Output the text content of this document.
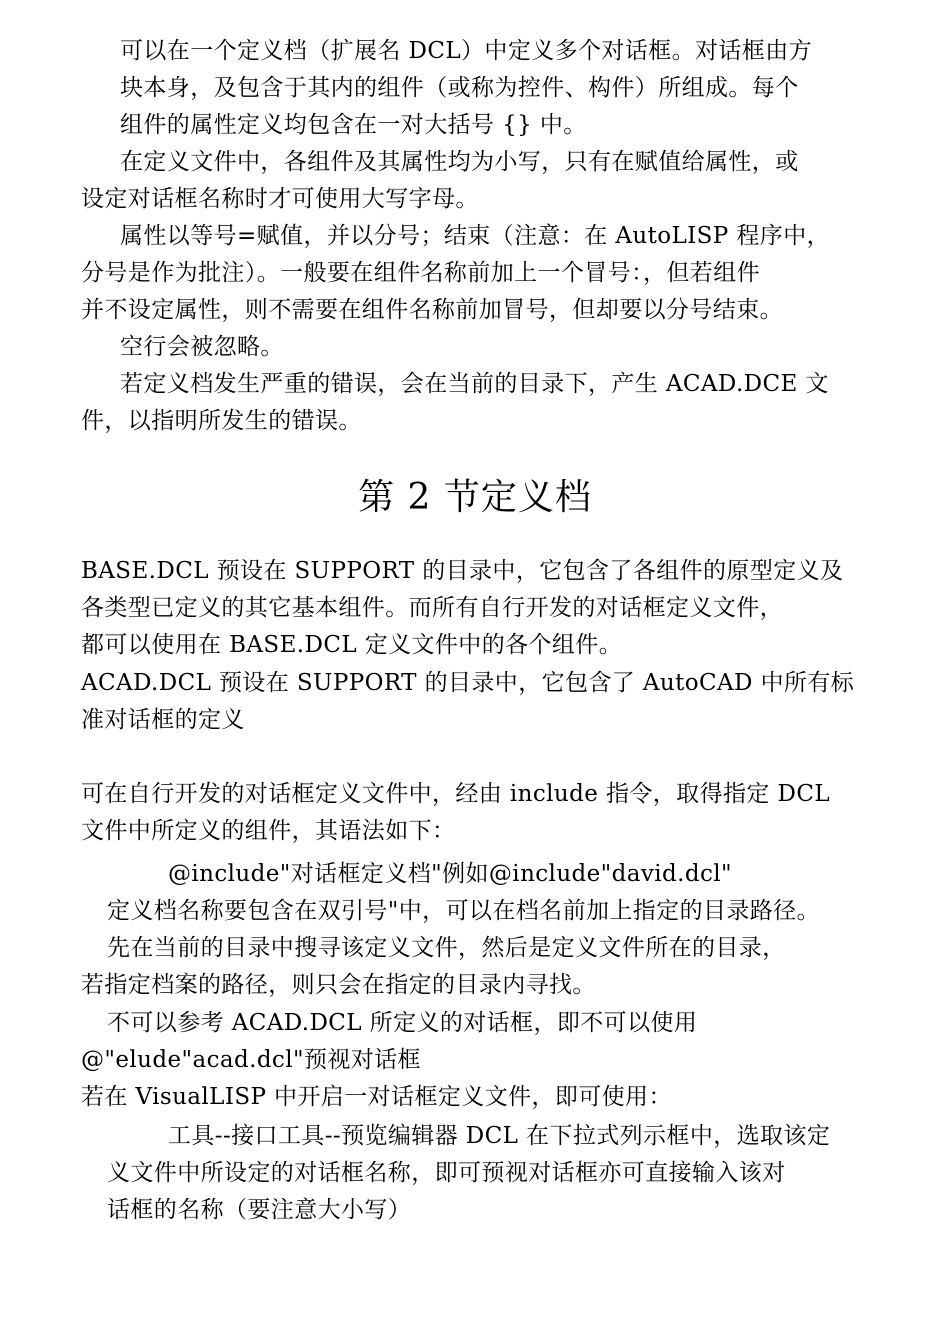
可以在一个定义档（扩展名 DCL）中定义多个对话框。对话框由方
块本身，及包含于其内的组件（或称为控件、构件）所组成。每个
组件的属性定义均包含在一对大括号 {} 中。
在定义文件中，各组件及其属性均为小写，只有在赋值给属性，或
设定对话框名称时才可使用大写字母。
属性以等号=赋值，并以分号；结束（注意：在 AutoLISP 程序中，
分号是作为批注）。一般要在组件名称前加上一个冒号：，但若组件
并不设定属性，则不需要在组件名称前加冒号，但却要以分号结束。
空行会被忽略。
若定义档发生严重的错误，会在当前的目录下，产生 ACAD.DCE 文
件，以指明所发生的错误。
第 2 节定义档
BASE.DCL 预设在 SUPPORT 的目录中，它包含了各组件的原型定义及
各类型已定义的其它基本组件。而所有自行开发的对话框定义文件，
都可以使用在 BASE.DCL 定义文件中的各个组件。
ACAD.DCL 预设在 SUPPORT 的目录中，它包含了 AutoCAD 中所有标
准对话框的定义
可在自行开发的对话框定义文件中，经由 include 指令，取得指定 DCL
文件中所定义的组件，其语法如下：
@include"对话框定义档"例如@include"david.dcl"
定义档名称要包含在双引号"中，可以在档名前加上指定的目录路径。
先在当前的目录中搜寻该定义文件，然后是定义文件所在的目录，
若指定档案的路径，则只会在指定的目录内寻找。
不可以参考 ACAD.DCL 所定义的对话框，即不可以使用
@"elude"acad.dcl"预视对话框
若在 VisualLISP 中开启一对话框定义文件，即可使用：
工具--接口工具--预览编辑器 DCL 在下拉式列示框中，选取该定
义文件中所设定的对话框名称，即可预视对话框亦可直接输入该对
话框的名称（要注意大小写）
